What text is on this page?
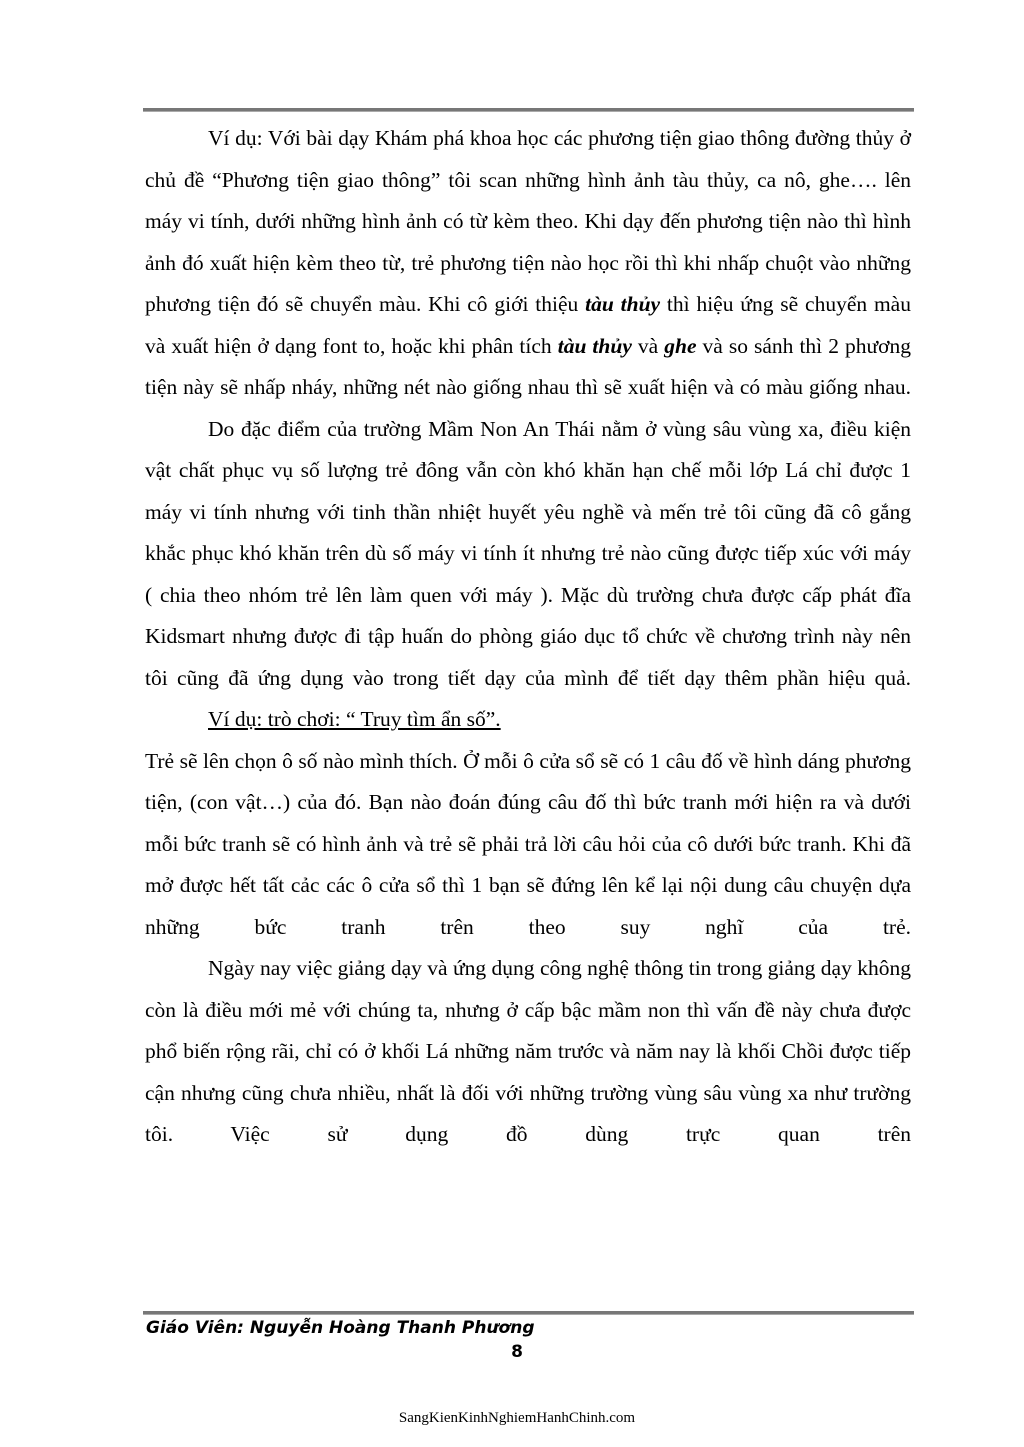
Ví dụ: Với bài dạy Khám phá khoa học các phương tiện giao thông đường thủy ở chủ đề “Phương tiện giao thông” tôi scan những hình ảnh tàu thủy, ca nô, ghe…. lên máy vi tính, dưới những hình ảnh có từ kèm theo. Khi dạy đến phương tiện nào thì hình ảnh đó xuất hiện kèm theo từ, trẻ phương tiện nào học rồi thì khi nhấp chuột vào những phương tiện đó sẽ chuyển màu. Khi cô giới thiệu tàu thủy thì hiệu ứng sẽ chuyển màu và xuất hiện ở dạng font to, hoặc khi phân tích tàu thủy và ghe và so sánh thì 2 phương tiện này sẽ nhấp nháy, những nét nào giống nhau thì sẽ xuất hiện và có màu giống nhau.

Do đặc điểm của trường Mầm Non An Thái nằm ở vùng sâu vùng xa, điều kiện vật chất phục vụ số lượng trẻ đông vẫn còn khó khăn hạn chế mỗi lớp Lá chỉ được 1 máy vi tính nhưng với tinh thần nhiệt huyết yêu nghề và mến trẻ tôi cũng đã cô gắng khắc phục khó khăn trên dù số máy vi tính ít nhưng trẻ nào cũng được tiếp xúc với máy ( chia theo nhóm trẻ lên làm quen với máy ). Mặc dù trường chưa được cấp phát đĩa Kidsmart nhưng được đi tập huấn do phòng giáo dục tổ chức về chương trình này nên tôi cũng đã ứng dụng vào trong tiết dạy của mình để tiết dạy thêm phần hiệu quả.

Ví dụ: trò chơi: “ Truy tìm ẩn số”.

Trẻ sẽ lên chọn ô số nào mình thích. Ở mỗi ô cửa sổ sẽ có 1 câu đố về hình dáng phương tiện, (con vật…) của đó. Bạn nào đoán đúng câu đố thì bức tranh mới hiện ra và dưới mỗi bức tranh sẽ có hình ảnh và trẻ sẽ phải trả lời câu hỏi của cô dưới bức tranh. Khi đã mở được hết tất cảc các ô cửa sổ thì 1 bạn sẽ đứng lên kể lại nội dung câu chuyện dựa những bức tranh trên theo suy nghĩ của trẻ.

Ngày nay việc giảng dạy và ứng dụng công nghệ thông tin trong giảng dạy không còn là điều mới mẻ với chúng ta, nhưng ở cấp bậc mầm non thì vấn đề này chưa được phổ biến rộng rãi, chỉ có ở khối Lá những năm trước và năm nay là khối Chồi được tiếp cận nhưng cũng chưa nhiều, nhất là đối với những trường vùng sâu vùng xa như trường tôi. Việc sử dụng đồ dùng trực quan trên

Giáo Viên: Nguyễn Hoàng Thanh Phương
8
SangKienKinhNghiemHanhChinh.com
